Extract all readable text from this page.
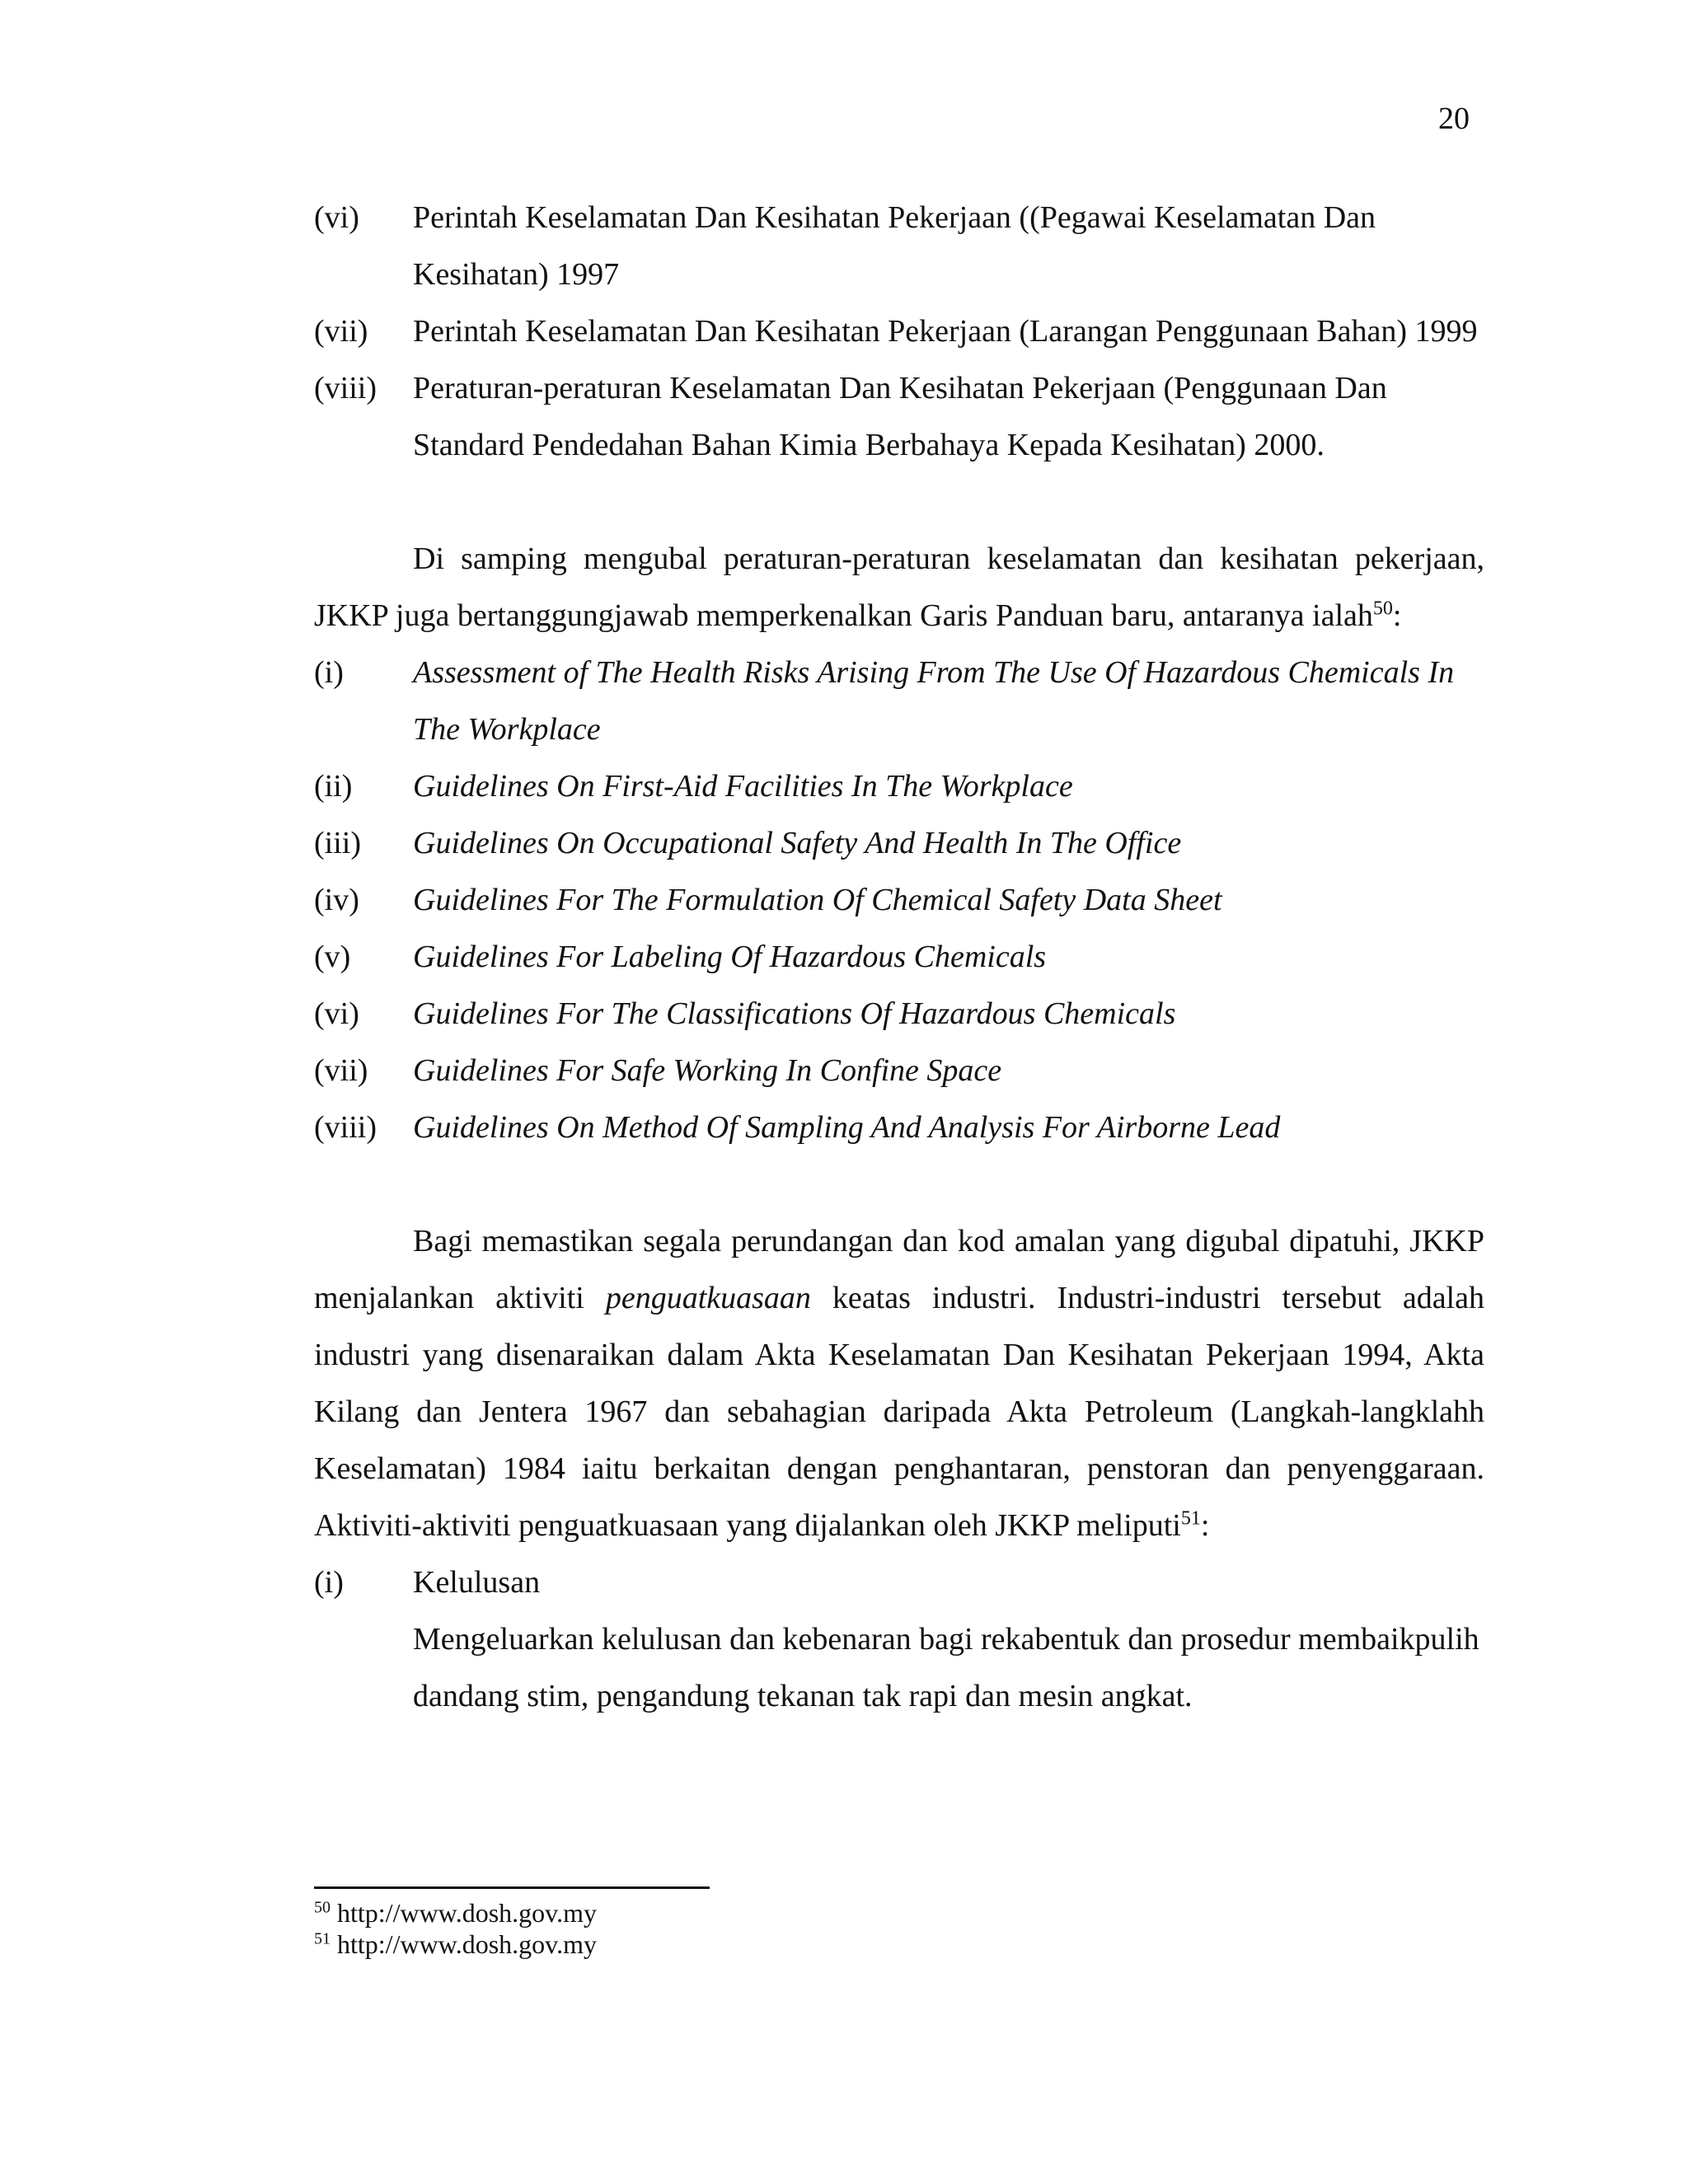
20
(vi)	Perintah Keselamatan Dan Kesihatan Pekerjaan ((Pegawai Keselamatan Dan Kesihatan) 1997
(vii)	Perintah Keselamatan Dan Kesihatan Pekerjaan (Larangan Penggunaan Bahan) 1999
(viii)	Peraturan-peraturan Keselamatan Dan Kesihatan Pekerjaan (Penggunaan Dan Standard Pendedahan Bahan Kimia Berbahaya Kepada Kesihatan) 2000.

Di samping mengubal peraturan-peraturan keselamatan dan kesihatan pekerjaan, JKKP juga bertanggungjawab memperkenalkan Garis Panduan baru, antaranya ialah$^{50}$:

(i)	Assessment of The Health Risks Arising From The Use Of Hazardous Chemicals In The Workplace
(ii)	Guidelines On First-Aid Facilities In The Workplace
(iii)	Guidelines On Occupational Safety And Health In The Office
(iv)	Guidelines For The Formulation Of Chemical Safety Data Sheet
(v)	Guidelines For Labeling Of Hazardous Chemicals
(vi)	Guidelines For The Classifications Of Hazardous Chemicals
(vii)	Guidelines For Safe Working In Confine Space
(viii)	Guidelines On Method Of Sampling And Analysis For Airborne Lead

Bagi memastikan segala perundangan dan kod amalan yang digubal dipatuhi, JKKP menjalankan aktiviti penguatkuasaan keatas industri. Industri-industri tersebut adalah industri yang disenaraikan dalam Akta Keselamatan Dan Kesihatan Pekerjaan 1994, Akta Kilang dan Jentera 1967 dan sebahagian daripada Akta Petroleum (Langkah-langklahh Keselamatan) 1984 iaitu berkaitan dengan penghantaran, penstoran dan penyenggaraan. Aktiviti-aktiviti penguatkuasaan yang dijalankan oleh JKKP meliputi$^{51}$:

(i)	Kelulusan
Mengeluarkan kelulusan dan kebenaran bagi rekabentuk dan prosedur membaikpulih dandang stim, pengandung tekanan tak rapi dan mesin angkat.
$^{50}$ http://www.dosh.gov.my
$^{51}$ http://www.dosh.gov.my
